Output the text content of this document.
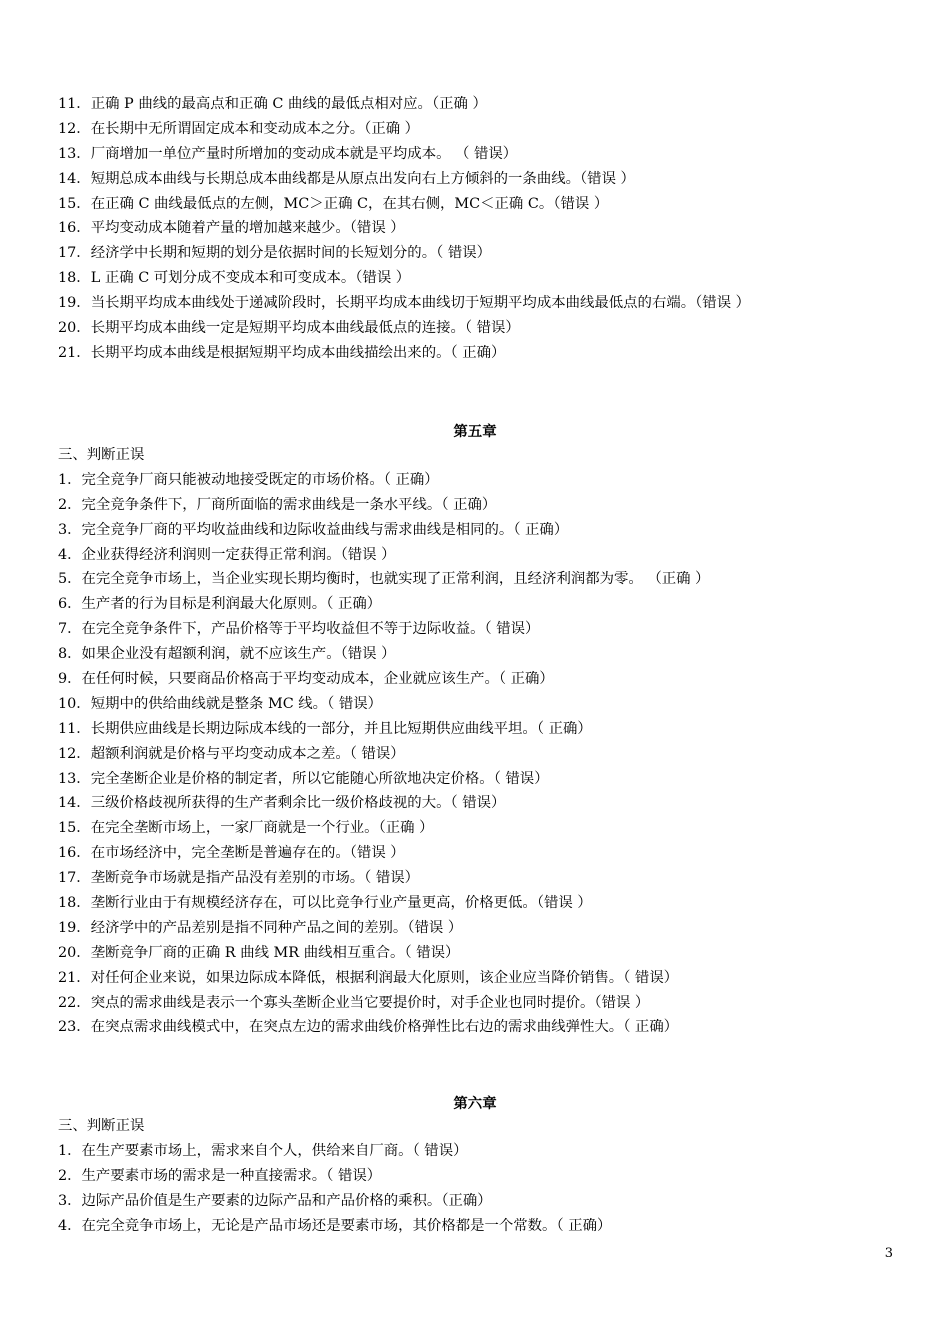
11．正确 P 曲线的最高点和正确 C 曲线的最低点相对应。（正确 ）
12．在长期中无所谓固定成本和变动成本之分。（正确 ）
13．厂商增加一单位产量时所增加的变动成本就是平均成本。 （ 错误）
14．短期总成本曲线与长期总成本曲线都是从原点出发向右上方倾斜的一条曲线。（错误 ）
15．在正确 C 曲线最低点的左侧，MC＞正确 C，在其右侧，MC＜正确 C。（错误 ）
16．平均变动成本随着产量的增加越来越少。（错误 ）
17．经济学中长期和短期的划分是依据时间的长短划分的。（ 错误）
18．L 正确 C 可划分成不变成本和可变成本。（错误 ）
19．当长期平均成本曲线处于递减阶段时，长期平均成本曲线切于短期平均成本曲线最低点的右端。（错误 ）
20．长期平均成本曲线一定是短期平均成本曲线最低点的连接。（ 错误）
21．长期平均成本曲线是根据短期平均成本曲线描绘出来的。（ 正确）
第五章
三、判断正误
1．完全竞争厂商只能被动地接受既定的市场价格。（ 正确）
2．完全竞争条件下，厂商所面临的需求曲线是一条水平线。（ 正确）
3．完全竞争厂商的平均收益曲线和边际收益曲线与需求曲线是相同的。（ 正确）
4．企业获得经济利润则一定获得正常利润。（错误 ）
5．在完全竞争市场上，当企业实现长期均衡时，也就实现了正常利润，且经济利润都为零。 （正确 ）
6．生产者的行为目标是利润最大化原则。（ 正确）
7．在完全竞争条件下，产品价格等于平均收益但不等于边际收益。（ 错误）
8．如果企业没有超额利润，就不应该生产。（错误 ）
9．在任何时候，只要商品价格高于平均变动成本，企业就应该生产。（ 正确）
10．短期中的供给曲线就是整条 MC 线。（ 错误）
11．长期供应曲线是长期边际成本线的一部分，并且比短期供应曲线平坦。（ 正确）
12．超额利润就是价格与平均变动成本之差。（ 错误）
13．完全垄断企业是价格的制定者，所以它能随心所欲地决定价格。（ 错误）
14．三级价格歧视所获得的生产者剩余比一级价格歧视的大。（ 错误）
15．在完全垄断市场上，一家厂商就是一个行业。（正确 ）
16．在市场经济中，完全垄断是普遍存在的。（错误 ）
17．垄断竞争市场就是指产品没有差别的市场。（ 错误）
18．垄断行业由于有规模经济存在，可以比竞争行业产量更高，价格更低。（错误 ）
19．经济学中的产品差别是指不同种产品之间的差别。（错误 ）
20．垄断竞争厂商的正确 R 曲线 MR 曲线相互重合。（ 错误）
21．对任何企业来说，如果边际成本降低，根据利润最大化原则，该企业应当降价销售。（ 错误）
22．突点的需求曲线是表示一个寡头垄断企业当它要提价时，对手企业也同时提价。（错误 ）
23．在突点需求曲线模式中，在突点左边的需求曲线价格弹性比右边的需求曲线弹性大。（ 正确）
第六章
三、判断正误
1．在生产要素市场上，需求来自个人，供给来自厂商。（ 错误）
2．生产要素市场的需求是一种直接需求。（ 错误）
3．边际产品价值是生产要素的边际产品和产品价格的乘积。（正确）
4．在完全竞争市场上，无论是产品市场还是要素市场，其价格都是一个常数。（ 正确）
3
